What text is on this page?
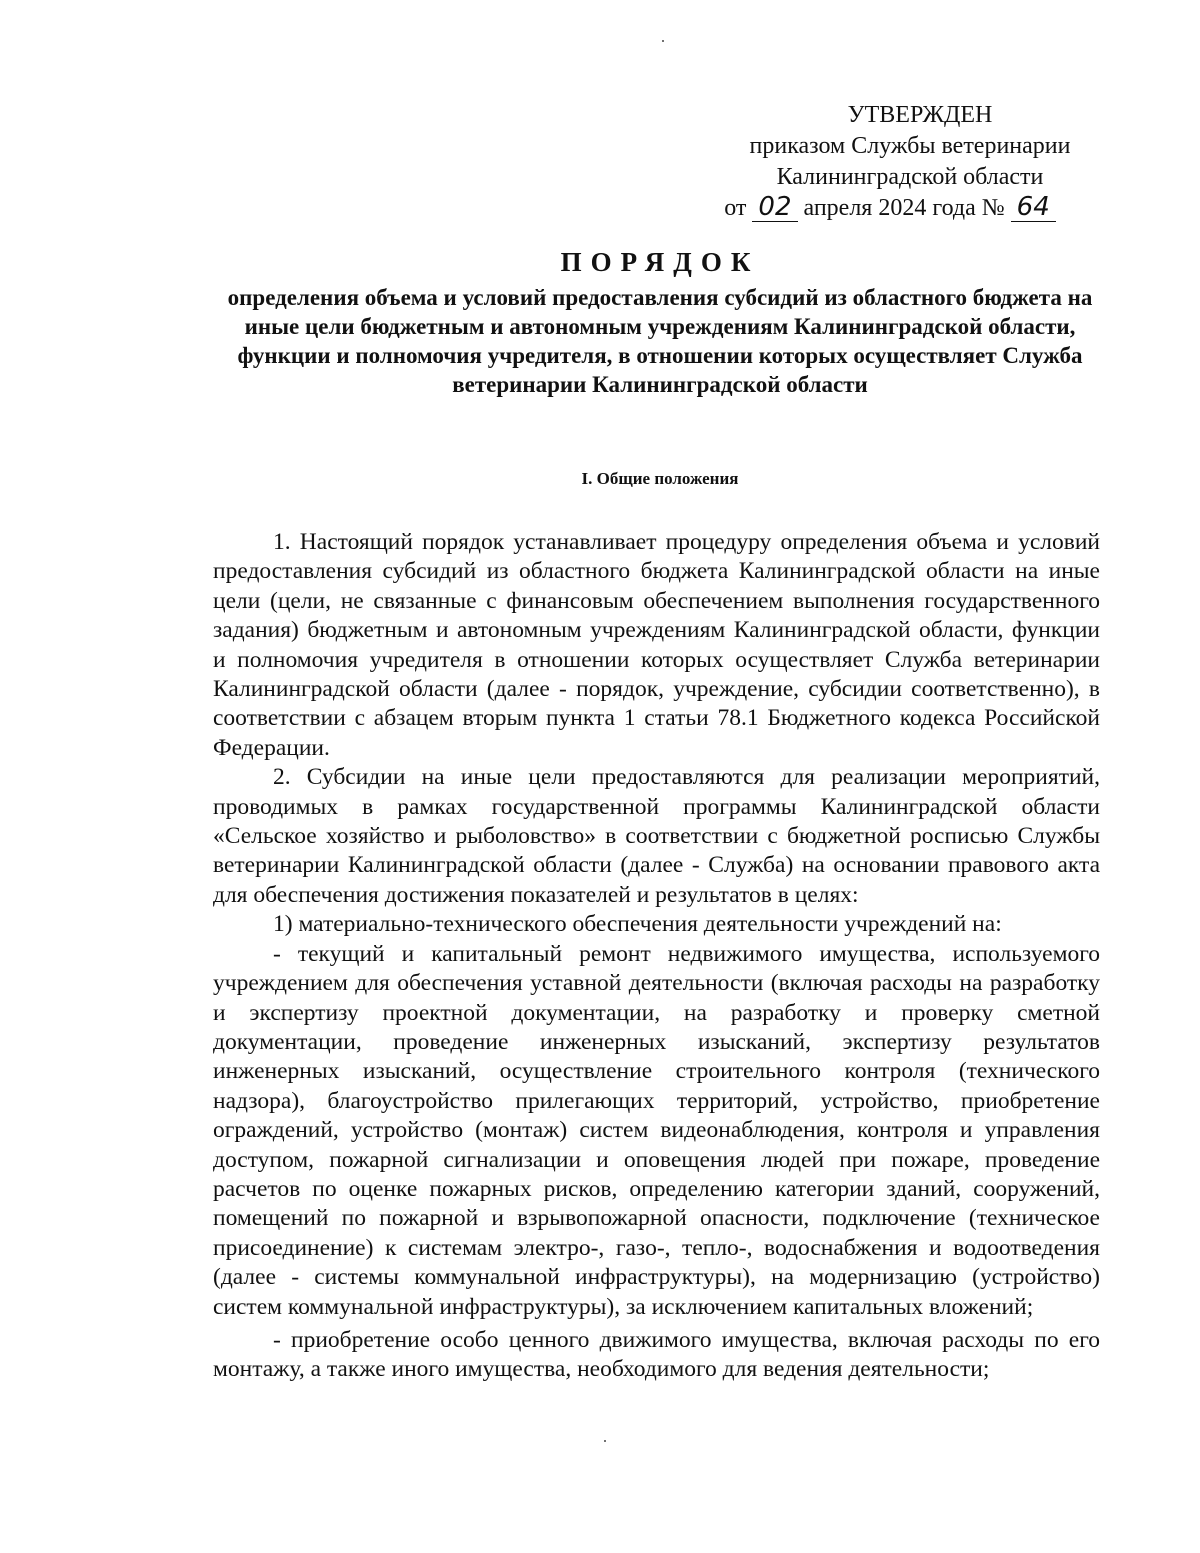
УТВЕРЖДЕН
приказом Службы ветеринарии
Калининградской области
от 02 апреля 2024 года № 64
ПОРЯДОК
определения объема и условий предоставления субсидий из областного бюджета на иные цели бюджетным и автономным учреждениям Калининградской области, функции и полномочия учредителя, в отношении которых осуществляет Служба ветеринарии Калининградской области
I. Общие положения

1. Настоящий порядок устанавливает процедуру определения объема и условий предоставления субсидий из областного бюджета Калининградской области на иные цели (цели, не связанные с финансовым обеспечением выполнения государственного задания) бюджетным и автономным учреждениям Калининградской области, функции и полномочия учредителя в отношении которых осуществляет Служба ветеринарии Калининградской области (далее - порядок, учреждение, субсидии соответственно), в соответствии с абзацем вторым пункта 1 статьи 78.1 Бюджетного кодекса Российской Федерации.

2. Субсидии на иные цели предоставляются для реализации мероприятий, проводимых в рамках государственной программы Калининградской области «Сельское хозяйство и рыболовство» в соответствии с бюджетной росписью Службы ветеринарии Калининградской области (далее - Служба) на основании правового акта для обеспечения достижения показателей и результатов в целях:

1) материально-технического обеспечения деятельности учреждений на:

- текущий и капитальный ремонт недвижимого имущества, используемого учреждением для обеспечения уставной деятельности (включая расходы на разработку и экспертизу проектной документации, на разработку и проверку сметной документации, проведение инженерных изысканий, экспертизу результатов инженерных изысканий, осуществление строительного контроля (технического надзора), благоустройство прилегающих территорий, устройство, приобретение ограждений, устройство (монтаж) систем видеонаблюдения, контроля и управления доступом, пожарной сигнализации и оповещения людей при пожаре, проведение расчетов по оценке пожарных рисков, определению категории зданий, сооружений, помещений по пожарной и взрывопожарной опасности, подключение (техническое присоединение) к системам электро-, газо-, тепло-, водоснабжения и водоотведения (далее - системы коммунальной инфраструктуры), на модернизацию (устройство) систем коммунальной инфраструктуры), за исключением капитальных вложений;

- приобретение особо ценного движимого имущества, включая расходы по его монтажу, а также иного имущества, необходимого для ведения деятельности;
